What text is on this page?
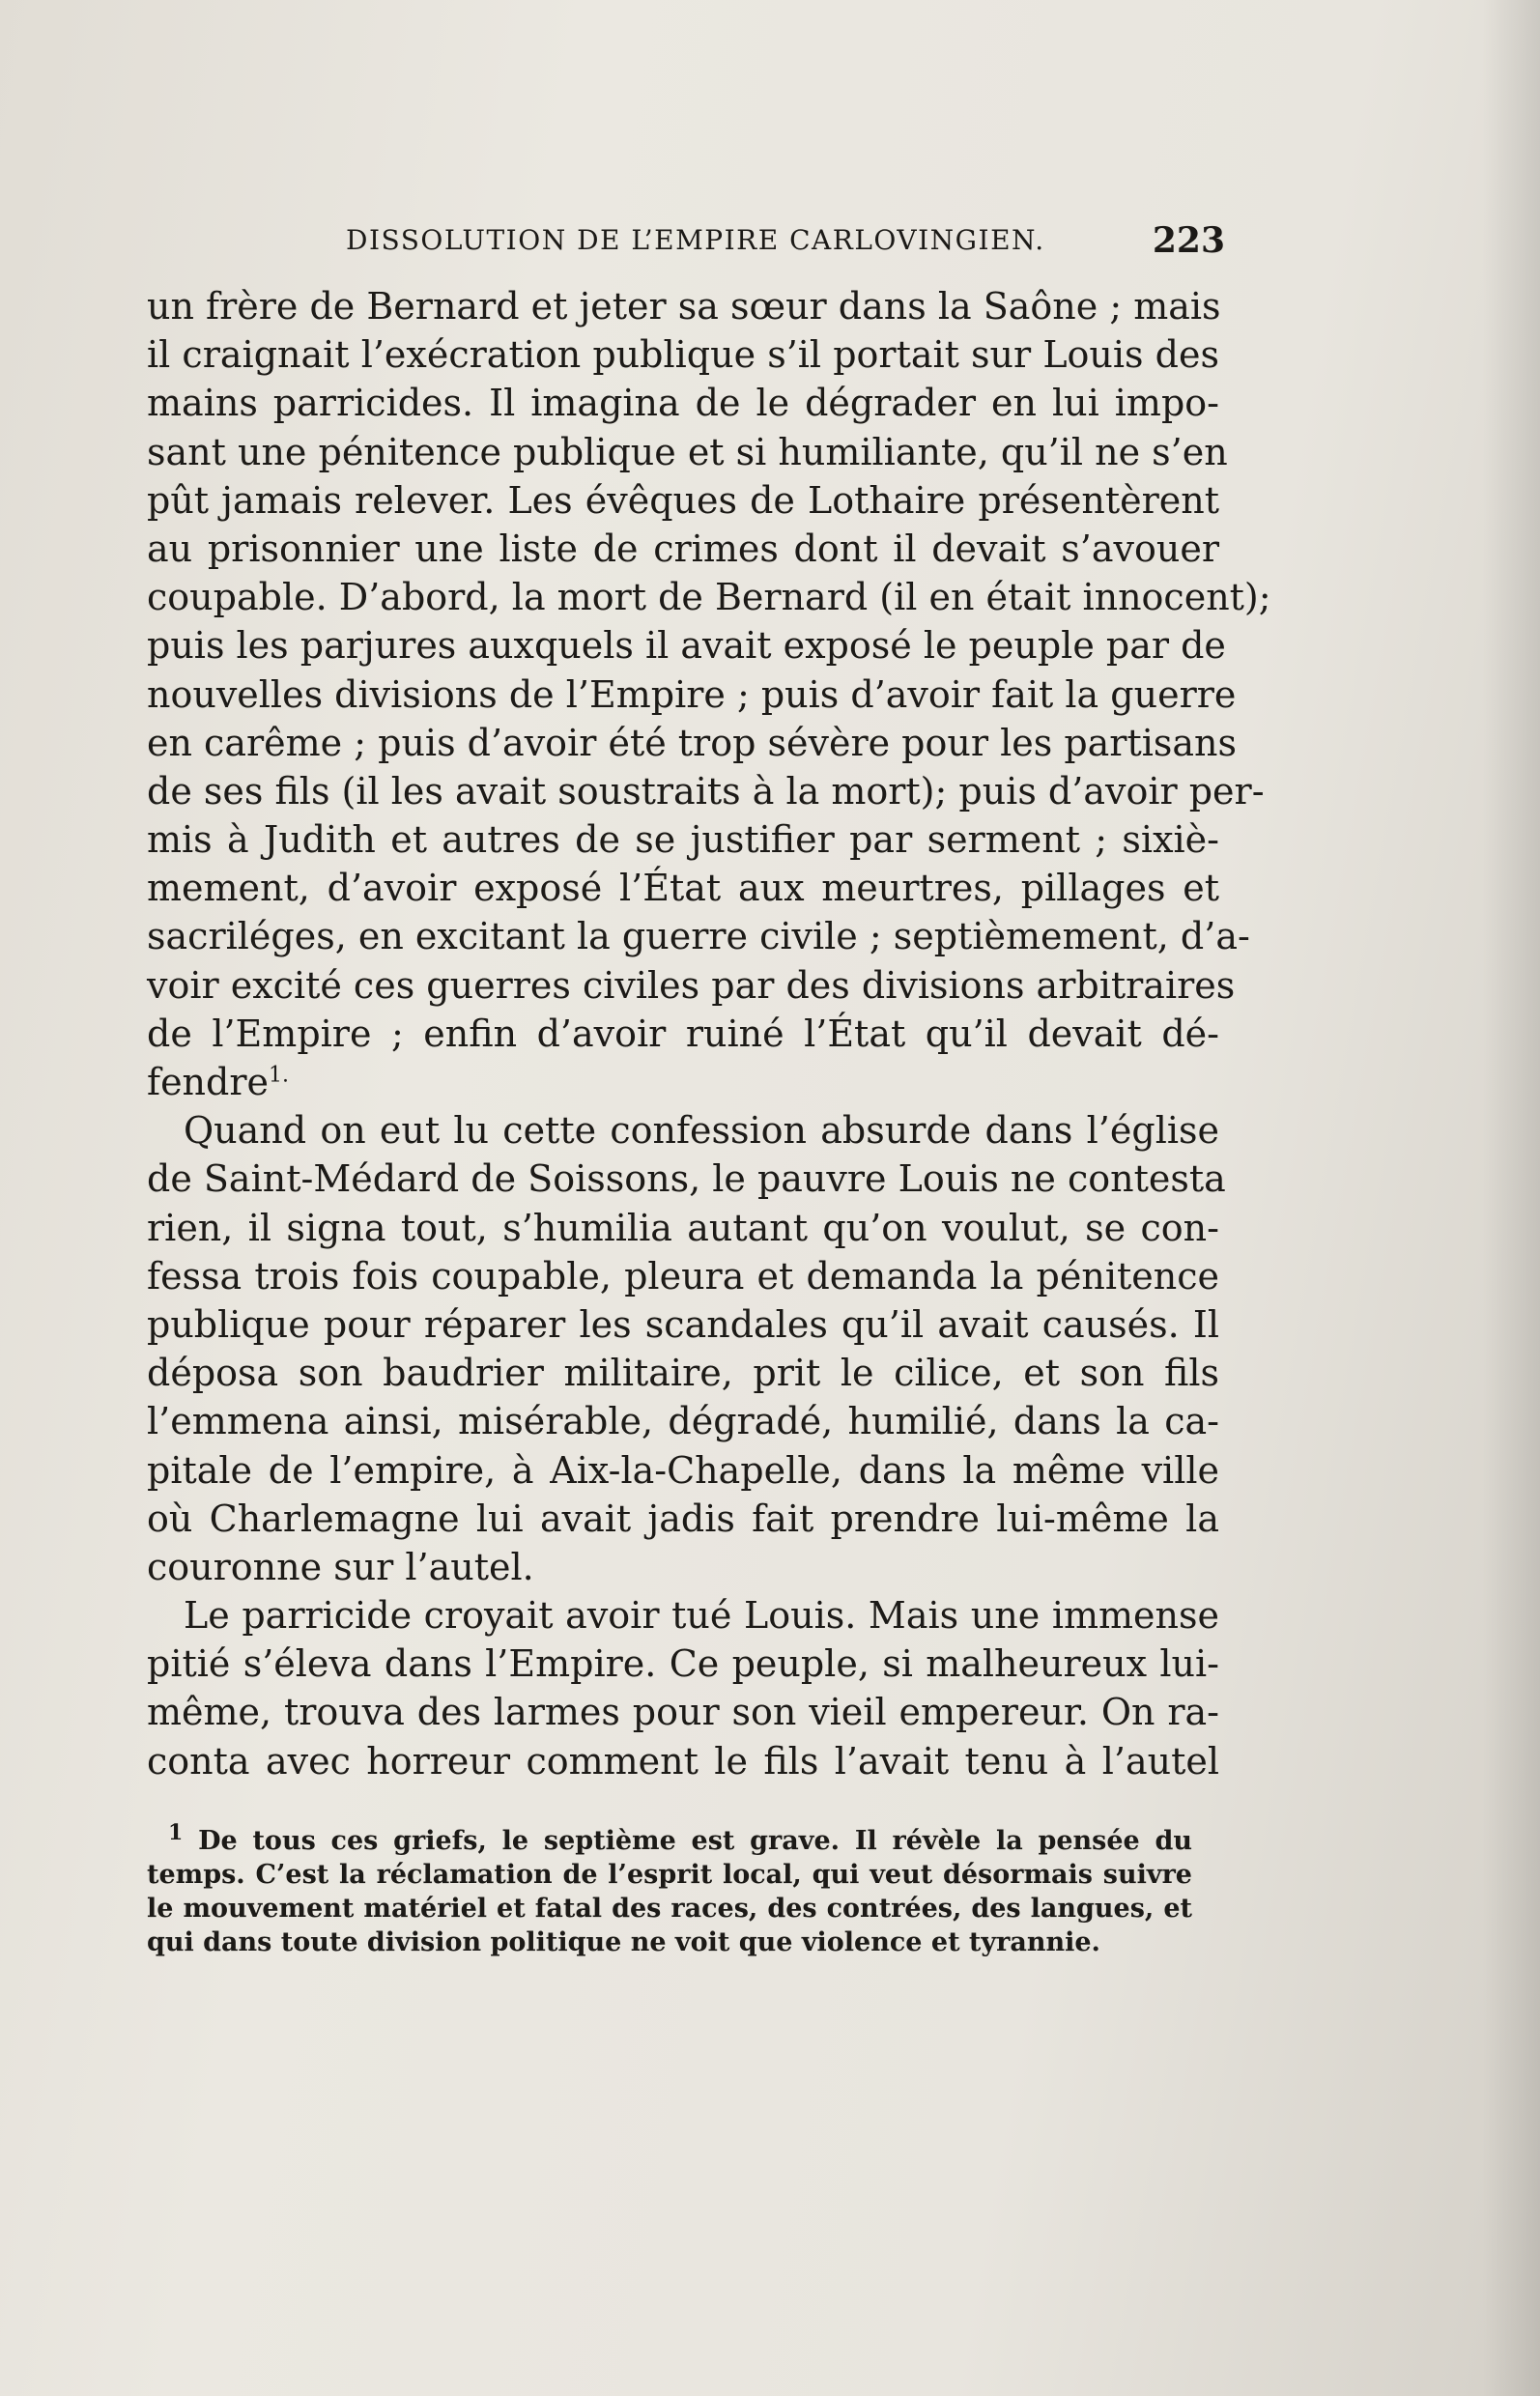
DISSOLUTION DE L’EMPIRE CARLOVINGIEN.	223
un frère de Bernard et jeter sa sœur dans la Saône ; mais
il craignait l’exécration publique s’il portait sur Louis des
mains parricides. Il imagina de le dégrader en lui impo-
sant une pénitence publique et si humiliante, qu’il ne s’en
pût jamais relever. Les évêques de Lothaire présentèrent
au prisonnier une liste de crimes dont il devait s’avouer
coupable. D’abord, la mort de Bernard (il en était innocent);
puis les parjures auxquels il avait exposé le peuple par de
nouvelles divisions de l’Empire ; puis d’avoir fait la guerre
en carême ; puis d’avoir été trop sévère pour les partisans
de ses fils (il les avait soustraits à la mort); puis d’avoir per-
mis à Judith et autres de se justifier par serment ; sixiè-
mement, d’avoir exposé l’État aux meurtres, pillages et
sacriléges, en excitant la guerre civile ; septièmement, d’a-
voir excité ces guerres civiles par des divisions arbitraires
de l’Empire ; enfin d’avoir ruiné l’État qu’il devait dé-
fendre$^{1.}$
Quand on eut lu cette confession absurde dans l’église
de Saint-Médard de Soissons, le pauvre Louis ne contesta
rien, il signa tout, s’humilia autant qu’on voulut, se con-
fessa trois fois coupable, pleura et demanda la pénitence
publique pour réparer les scandales qu’il avait causés. Il
déposa son baudrier militaire, prit le cilice, et son fils
l’emmena ainsi, misérable, dégradé, humilié, dans la ca-
pitale de l’empire, à Aix-la-Chapelle, dans la même ville
où Charlemagne lui avait jadis fait prendre lui-même la
couronne sur l’autel.
Le parricide croyait avoir tué Louis. Mais une immense
pitié s’éleva dans l’Empire. Ce peuple, si malheureux lui-
même, trouva des larmes pour son vieil empereur. On ra-
conta avec horreur comment le fils l’avait tenu à l’autel
$^1$ De tous ces griefs, le septième est grave. Il révèle la pensée du
temps. C’est la réclamation de l’esprit local, qui veut désormais suivre
le mouvement matériel et fatal des races, des contrées, des langues, et
qui dans toute division politique ne voit que violence et tyrannie.
